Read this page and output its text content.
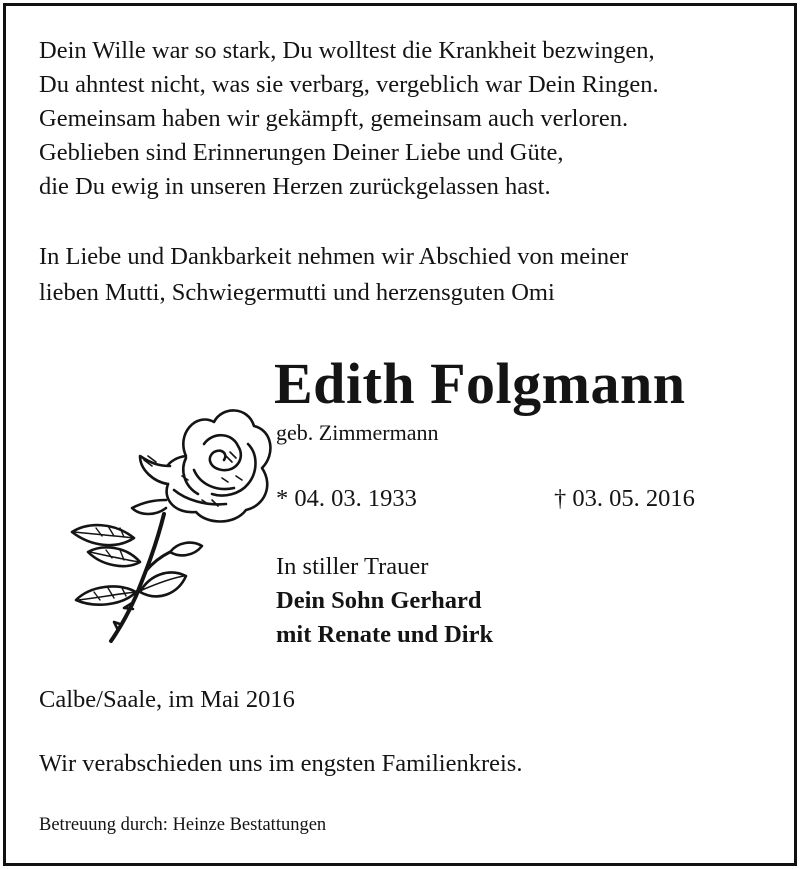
Dein Wille war so stark, Du wolltest die Krankheit bezwingen,
Du ahntest nicht, was sie verbarg, vergeblich war Dein Ringen.
Gemeinsam haben wir gekämpft, gemeinsam auch verloren.
Geblieben sind Erinnerungen Deiner Liebe und Güte,
die Du ewig in unseren Herzen zurückgelassen hast.
In Liebe und Dankbarkeit nehmen wir Abschied von meiner
lieben Mutti, Schwiegermutti und herzensguten Omi
Edith Folgmann
geb. Zimmermann
* 04. 03. 1933	† 03. 05. 2016
In stiller Trauer
Dein Sohn Gerhard
mit Renate und Dirk
Calbe/Saale, im Mai 2016
Wir verabschieden uns im engsten Familienkreis.
Betreuung durch: Heinze Bestattungen
